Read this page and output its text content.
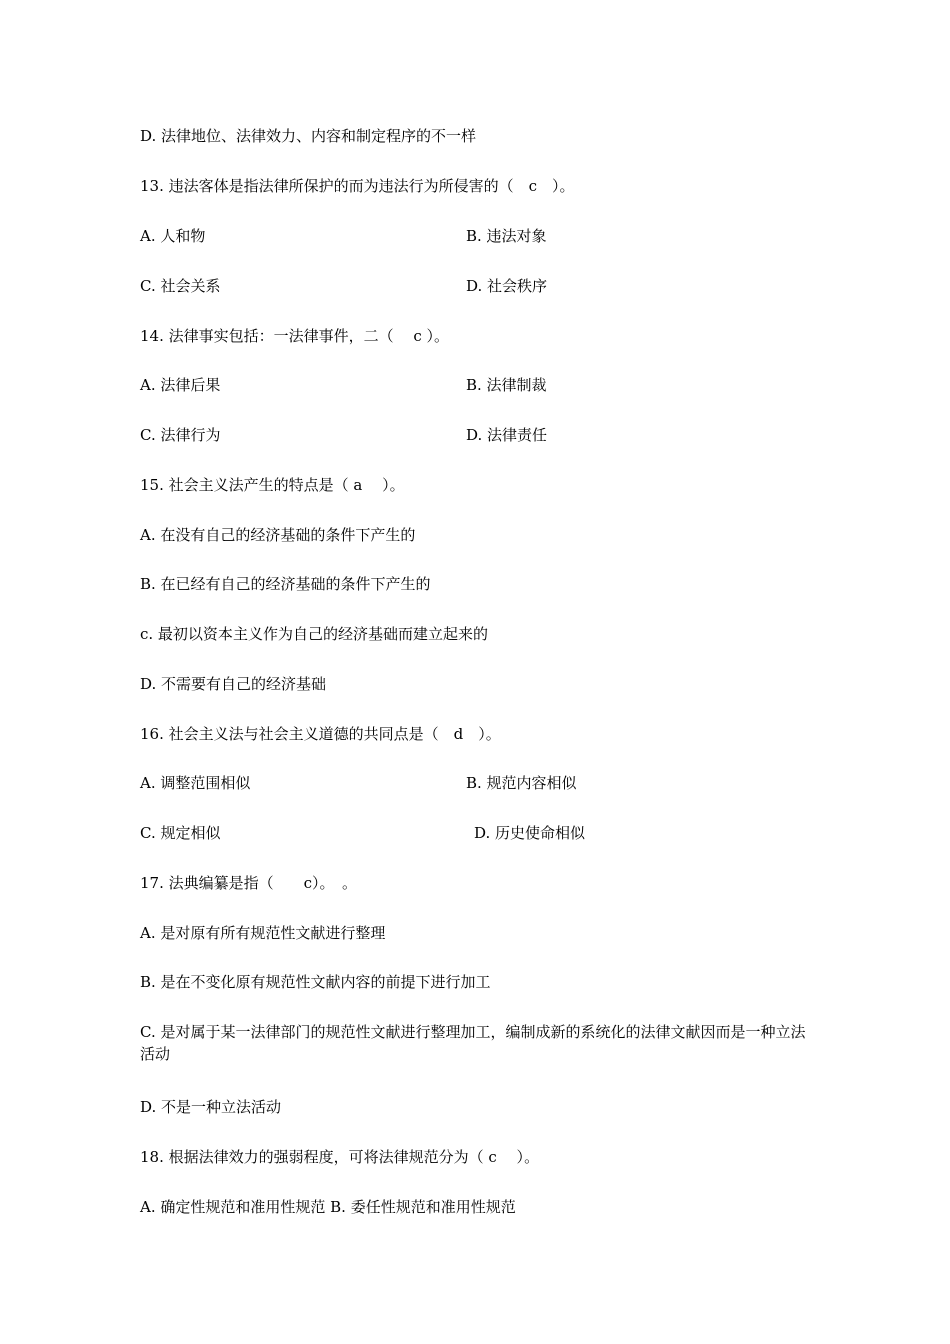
D. 法律地位、法律效力、内容和制定程序的不一样
13. 违法客体是指法律所保护的而为违法行为所侵害的（　c　）。
A. 人和物	B. 违法对象
C. 社会关系	D. 社会秩序
14. 法律事实包括：一法律事件，二（　 c ）。
A. 法律后果	B. 法律制裁
C. 法律行为	D. 法律责任
15. 社会主义法产生的特点是（ a　 ）。
A. 在没有自己的经济基础的条件下产生的
B. 在已经有自己的经济基础的条件下产生的
c. 最初以资本主义作为自己的经济基础而建立起来的
D. 不需要有自己的经济基础
16. 社会主义法与社会主义道德的共同点是（　d　）。
A. 调整范围相似	B. 规范内容相似
C. 规定相似	D. 历史使命相似
17. 法典编纂是指（　　c）。　。
A. 是对原有所有规范性文献进行整理
B. 是在不变化原有规范性文献内容的前提下进行加工
C. 是对属于某一法律部门的规范性文献进行整理加工，编制成新的系统化的法律文献因而是一种立法活动
D. 不是一种立法活动
18. 根据法律效力的强弱程度，可将法律规范分为（ c　 ）。
A. 确定性规范和准用性规范 B. 委任性规范和准用性规范
